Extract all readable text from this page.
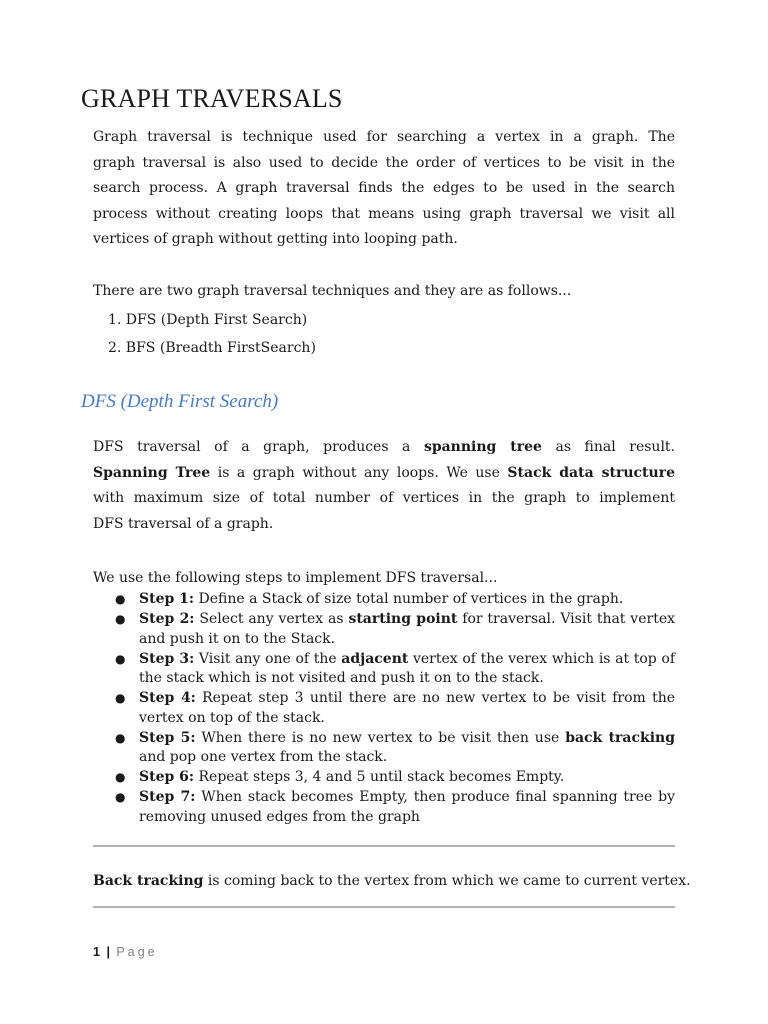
GRAPH TRAVERSALS

Graph traversal is technique used for searching a vertex in a graph. The
graph traversal is also used to decide the order of vertices to be visit in the
search process. A graph traversal finds the edges to be used in the search
process without creating loops that means using graph traversal we visit all
vertices of graph without getting into looping path.

There are two graph traversal techniques and they are as follows...

1. DFS (Depth First Search)
2. BFS (Breadth FirstSearch)
DFS (Depth First Search)

DFS traversal of a graph, produces a spanning tree as final result.
Spanning Tree is a graph without any loops. We use Stack data structure
with maximum size of total number of vertices in the graph to implement
DFS traversal of a graph.

We use the following steps to implement DFS traversal...

● Step 1: Define a Stack of size total number of vertices in the graph.
● Step 2: Select any vertex as starting point for traversal. Visit that vertex and push it on to the Stack.
● Step 3: Visit any one of the adjacent vertex of the verex which is at top of the stack which is not visited and push it on to the stack.
● Step 4: Repeat step 3 until there are no new vertex to be visit from the vertex on top of the stack.
● Step 5: When there is no new vertex to be visit then use back tracking and pop one vertex from the stack.
● Step 6: Repeat steps 3, 4 and 5 until stack becomes Empty.
● Step 7: When stack becomes Empty, then produce final spanning tree by removing unused edges from the graph

Back tracking is coming back to the vertex from which we came to current vertex.

1 | Page
